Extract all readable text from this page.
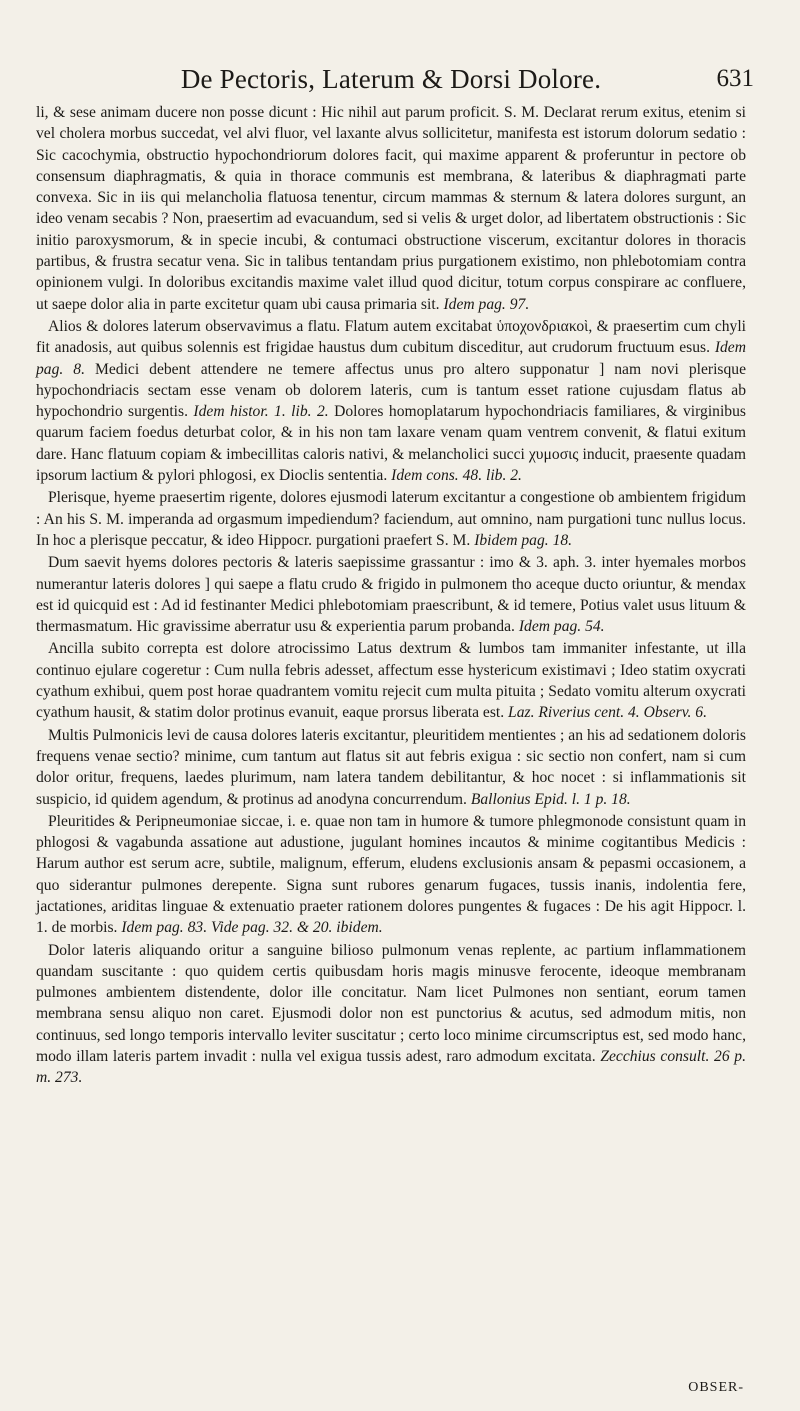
De Pectoris, Laterum & Dorsi Dolore.	631

li, & sese animam ducere non posse dicunt : Hic nihil aut parum proficit. S. M. Declarat rerum exitus, etenim si vel cholera morbus succedat, vel alvi fluor, vel laxante alvus sollicitetur, manifesta est istorum dolorum sedatio : Sic cacochymia, obstructio hypochondriorum dolores facit, qui maxime apparent & proferuntur in pectore ob consensum diaphragmatis, & quia in thorace communis est membrana, & lateribus & diaphragmati parte convexa. Sic in iis qui melancholia flatuosa tenentur, circum mammas & sternum & latera dolores surgunt, an ideo venam secabis ? Non, praesertim ad evacuandum, sed si velis & urget dolor, ad libertatem obstructionis : Sic initio paroxysmorum, & in specie incubi, & contumaci obstructione viscerum, excitantur dolores in thoracis partibus, & frustra secatur vena. Sic in talibus tentandam prius purgationem existimo, non phlebotomiam contra opinionem vulgi. In doloribus excitandis maxime valet illud quod dicitur, totum corpus conspirare ac confluere, ut saepe dolor alia in parte excitetur quam ubi causa primaria sit. Idem pag. 97.

Alios & dolores laterum observavimus a flatu. Flatum autem excitabat ὑποχονδριακοὶ, & praesertim cum chyli fit anadosis, aut quibus solennis est frigidae haustus dum cubitum disceditur, aut crudorum fructuum esus. Idem pag. 8. Medici debent attendere ne temere affectus unus pro altero supponatur ] nam novi plerisque hypochondriacis sectam esse venam ob dolorem lateris, cum is tantum esset ratione cujusdam flatus ab hypochondrio surgentis. Idem histor. 1. lib. 2. Dolores homoplatarum hypochondriacis familiares, & virginibus quarum faciem foedus deturbat color, & in his non tam laxare venam quam ventrem convenit, & flatui exitum dare. Hanc flatuum copiam & imbecillitas caloris nativi, & melancholici succi χυμοσις inducit, praesente quadam ipsorum lactium & pylori phlogosi, ex Dioclis sententia. Idem cons. 48. lib. 2.

Plerisque, hyeme praesertim rigente, dolores ejusmodi laterum excitantur a congestione ob ambientem frigidum : An his S. M. imperanda ad orgasmum impediendum? faciendum, aut omnino, nam purgationi tunc nullus locus. In hoc a plerisque peccatur, & ideo Hippocr. purgationi praefert S. M. Ibidem pag. 18.

Dum saevit hyems dolores pectoris & lateris saepissime grassantur : imo & 3. aph. 3. inter hyemales morbos numerantur lateris dolores ] qui saepe a flatu crudo & frigido in pulmonem tho aceque ducto oriuntur, & mendax est id quicquid est : Ad id festinanter Medici phlebotomiam praescribunt, & id temere, Potius valet usus lituum & thermasmatum. Hic gravissime aberratur usu & experientia parum probanda. Idem pag. 54.

Ancilla subito correpta est dolore atrocissimo Latus dextrum & lumbos tam immaniter infestante, ut illa continuo ejulare cogeretur : Cum nulla febris adesset, affectum esse hystericum existimavi ; Ideo statim oxycrati cyathum exhibui, quem post horae quadrantem vomitu rejecit cum multa pituita ; Sedato vomitu alterum oxycrati cyathum hausit, & statim dolor protinus evanuit, eaque prorsus liberata est. Laz. Riverius cent. 4. Observ. 6.

Multis Pulmonicis levi de causa dolores lateris excitantur, pleuritidem mentientes ; an his ad sedationem doloris frequens venae sectio? minime, cum tantum aut flatus sit aut febris exigua : sic sectio non confert, nam si cum dolor oritur, frequens, laedes plurimum, nam latera tandem debilitantur, & hoc nocet : si inflammationis sit suspicio, id quidem agendum, & protinus ad anodyna concurrendum. Ballonius Epid. l. 1 p. 18.

Pleuritides & Peripneumoniae siccae, i. e. quae non tam in humore & tumore phlegmonode consistunt quam in phlogosi & vagabunda assatione aut adustione, jugulant homines incautos & minime cogitantibus Medicis : Harum author est serum acre, subtile, malignum, efferum, eludens exclusionis ansam & pepasmi occasionem, a quo siderantur pulmones derepente. Signa sunt rubores genarum fugaces, tussis inanis, indolentia fere, jactationes, ariditas linguae & extenuatio praeter rationem dolores pungentes & fugaces : De his agit Hippocr. l. 1. de morbis. Idem pag. 83. Vide pag. 32. & 20. ibidem.

Dolor lateris aliquando oritur a sanguine bilioso pulmonum venas replente, ac partium inflammationem quandam suscitante : quo quidem certis quibusdam horis magis minusve ferocente, ideoque membranam pulmones ambientem distendente, dolor ille concitatur. Nam licet Pulmones non sentiant, eorum tamen membrana sensu aliquo non caret. Ejusmodi dolor non est punctorius & acutus, sed admodum mitis, non continuus, sed longo temporis intervallo leviter suscitatur ; certo loco minime circumscriptus est, sed modo hanc, modo illam lateris partem invadit : nulla vel exigua tussis adest, raro admodum excitata. Zecchius consult. 26 p. m. 273.

OBSER-
